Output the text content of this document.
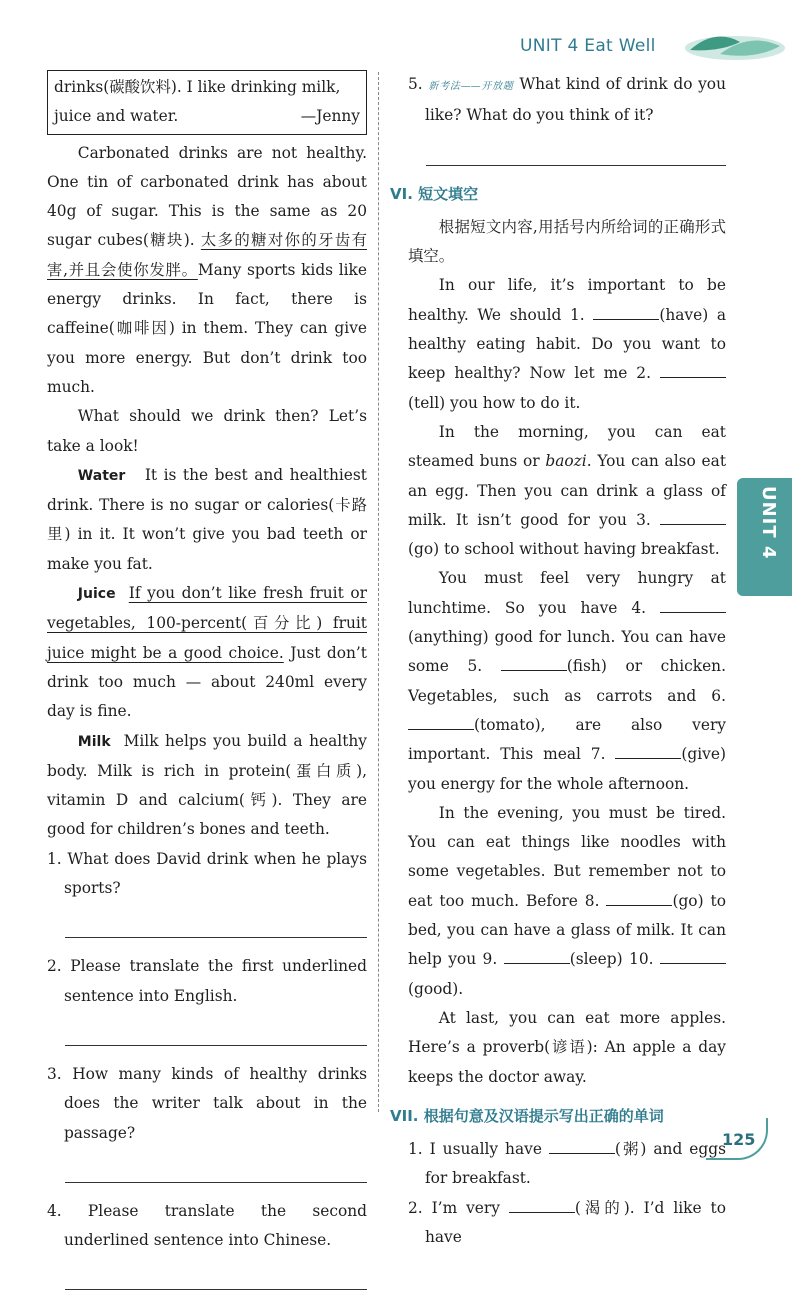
UNIT 4 Eat Well

drinks(碳酸饮料). I like drinking milk,

juice and water.	—Jenny

Carbonated drinks are not healthy. One tin of carbonated drink has about 40g of sugar. This is the same as 20 sugar cubes(糖块). 太多的糖对你的牙齿有害,并且会使你发胖。Many sports kids like energy drinks. In fact, there is caffeine(咖啡因) in them. They can give you more energy. But don’t drink too much.

What should we drink then? Let’s take a look!

Water It is the best and healthiest drink. There is no sugar or calories(卡路里) in it. It won’t give you bad teeth or make you fat.

Juice If you don’t like fresh fruit or vegetables, 100-percent(百分比) fruit juice might be a good choice. Just don’t drink too much — about 240ml every day is fine.

Milk Milk helps you build a healthy body. Milk is rich in protein(蛋白质), vitamin D and calcium(钙). They are good for children’s bones and teeth.

1. What does David drink when he plays sports?

2. Please translate the first underlined sentence into English.

3. How many kinds of healthy drinks does the writer talk about in the passage?

4. Please translate the second underlined sentence into Chinese.

5. 新考法——开放题 What kind of drink do you like? What do you think of it?

VI. 短文填空

根据短文内容,用括号内所给词的正确形式填空。

In our life, it’s important to be healthy. We should 1.	(have) a healthy eating habit. Do you want to keep healthy? Now let me 2.  (tell) you how to do it.

In the morning, you can eat steamed buns or baozi. You can also eat an egg. Then you can drink a glass of milk. It isn’t good for you 3. (go) to school without having breakfast.

You must feel very hungry at lunchtime. So you have 4. (anything) good for lunch. You can have some 5.	(fish) or chicken. Vegetables, such as carrots and 6. (tomato), are also very important. This meal 7.	(give) you energy for the whole afternoon.

In the evening, you must be tired. You can eat things like noodles with some vegetables. But remember not to eat too much. Before 8.	(go) to bed, you can have a glass of milk. It can help you 9.	(sleep) 10. (good).

At last, you can eat more apples. Here’s a proverb(谚语): An apple a day keeps the doctor away.

VII. 根据句意及汉语提示写出正确的单词

1. I usually have	(粥) and eggs for breakfast.

2. I’m very	(渴的). I’d like to have

UNIT 4
125
